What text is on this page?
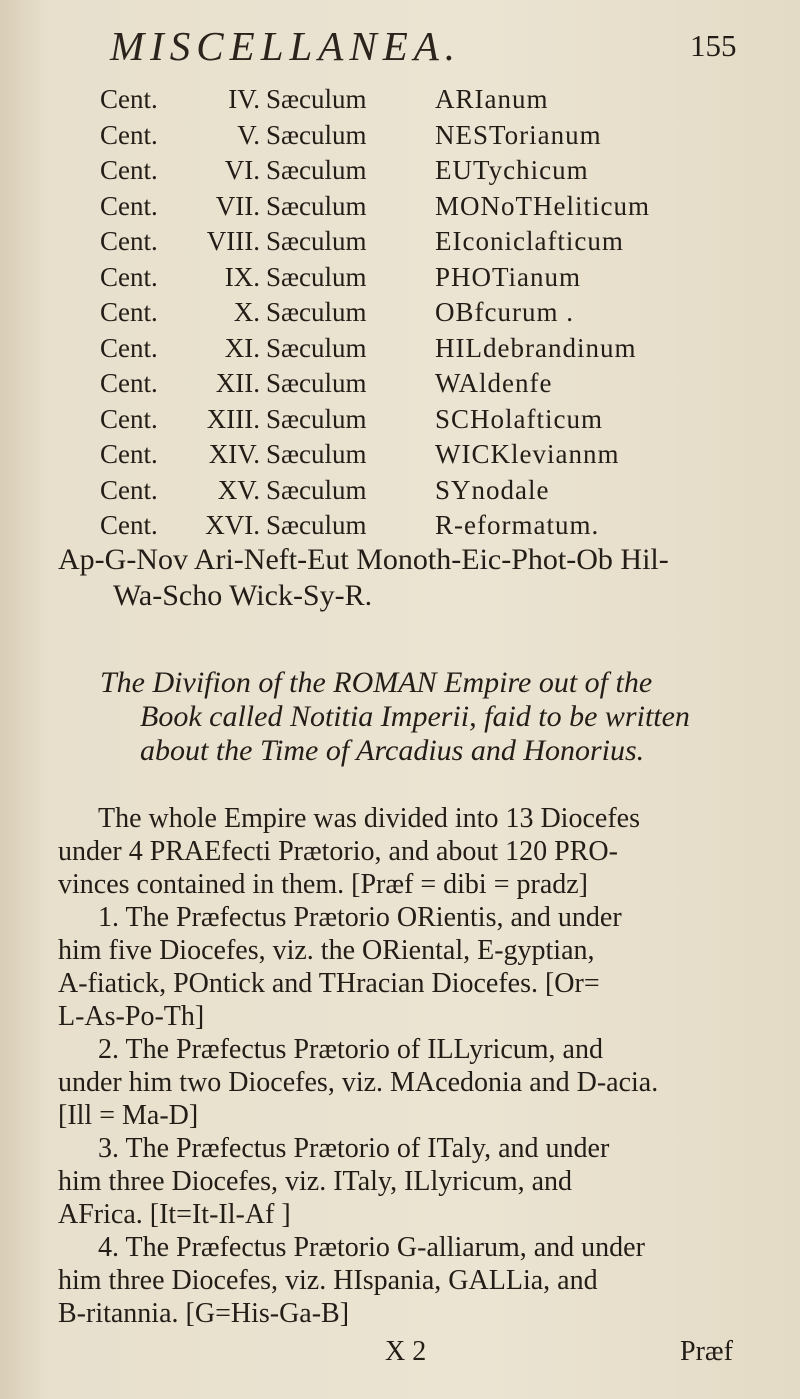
MISCELLANEA.	155
Cent.	IV. Sæculum	ARIanum
Cent.	V. Sæculum	NESTorianum
Cent. VI. Sæculum	EUTychicum
Cent. VII. Sæculum	MONoTHeliticum
Cent. VIII. Sæculum	EIconiclafticum
Cent. IX. Sæculum	PHOTianum
Cent.	X. Sæculum	OBfcurum .
Cent. XI. Sæculum	HILdebrandinum
Cent. XII. Sæculum	WAldenfe
Cent. XIII. Sæculum	SCHolafticum
Cent. XIV. Sæculum	WICKleviannm
Cent. XV. Sæculum	SYnodale
Cent. XVI. Sæculum	R-eformatum.
Ap-G-Nov Ari-Neft-Eut Monoth-Eic-Phot-Ob Hil-
Wa-Scho Wick-Sy-R.
The Divifion of the ROMAN Empire out of the
Book called Notitia Imperii, faid to be written
about the Time of Arcadius and Honorius.
The whole Empire was divided into 13 Diocefes
under 4 PRAEfecti Prætorio, and about 120 PRO-
vinces contained in them. [Præf = dibi = pradz]
1. The Præfectus Prætorio ORientis, and under
him five Diocefes, viz. the ORiental, E-gyptian,
A-fiatick, POntick and THracian Diocefes. [Or=
L-As-Po-Th]
2. The Præfectus Prætorio of ILLyricum, and
under him two Diocefes, viz. MAcedonia and D-acia.
[Ill = Ma-D]
3. The Præfectus Prætorio of ITaly, and under
him three Diocefes, viz. ITaly, ILlyricum, and
AFrica. [It=It-Il-Af ]
4. The Præfectus Prætorio G-alliarum, and under
him three Diocefes, viz. HIspania, GALLia, and
B-ritannia. [G=His-Ga-B]
X 2	Præf
